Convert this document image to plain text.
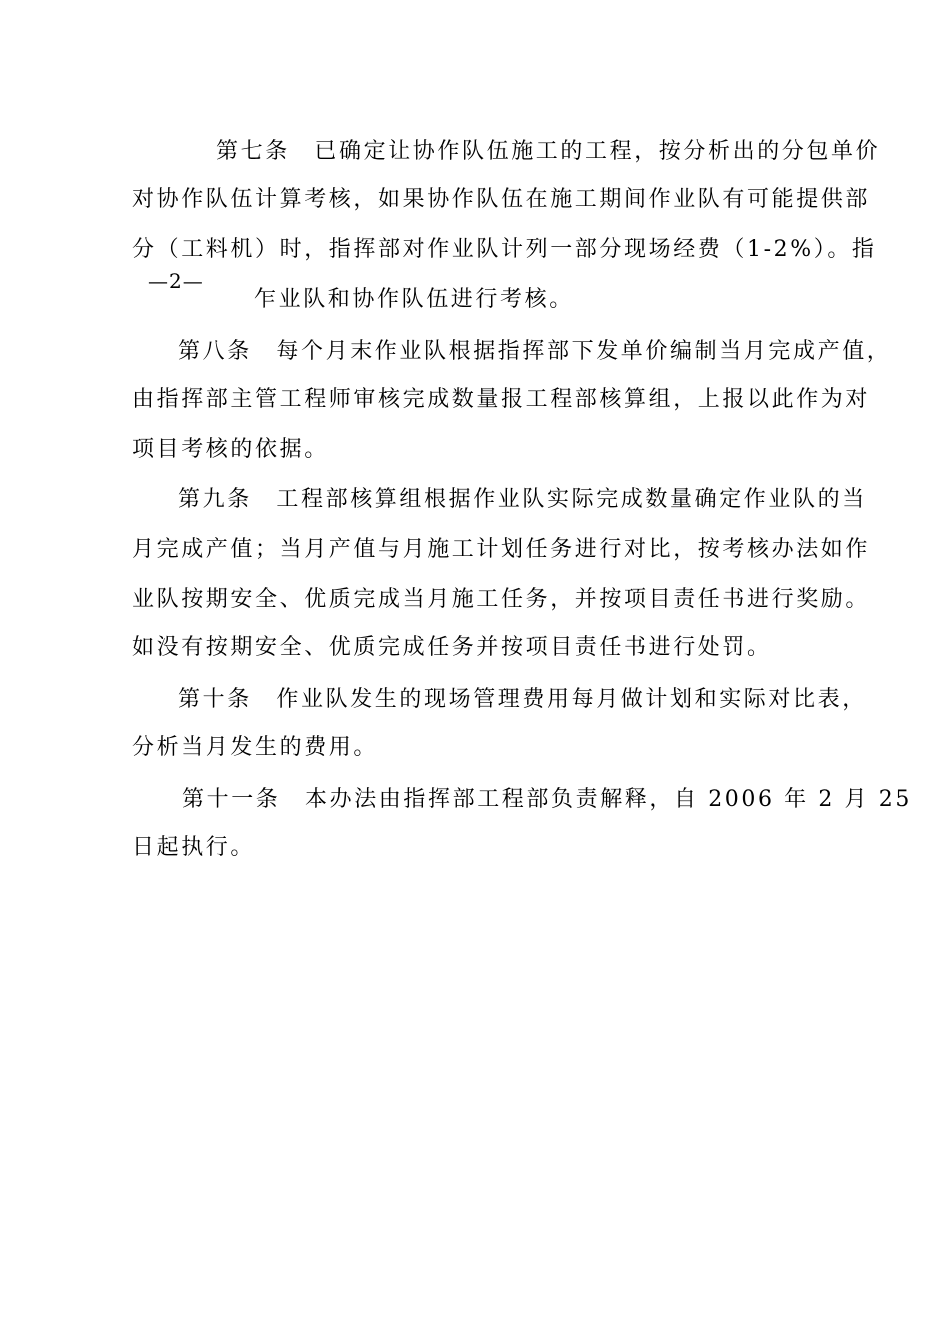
第七条　已确定让协作队伍施工的工程，按分析出的分包单价
对协作队伍计算考核，如果协作队伍在施工期间作业队有可能提供部
分（工料机）时，指挥部对作业队计列一部分现场经费（1-2%）。指
—2—
乍业队和协作队伍进行考核。
第八条　每个月末作业队根据指挥部下发单价编制当月完成产值，
由指挥部主管工程师审核完成数量报工程部核算组，上报以此作为对
项目考核的依据。
第九条　工程部核算组根据作业队实际完成数量确定作业队的当
月完成产值；当月产值与月施工计划任务进行对比，按考核办法如作
业队按期安全、优质完成当月施工任务，并按项目责任书进行奖励。
如没有按期安全、优质完成任务并按项目责任书进行处罚。
第十条　作业队发生的现场管理费用每月做计划和实际对比表，
分析当月发生的费用。
第十一条　本办法由指挥部工程部负责解释，自 2006 年 2 月 25
日起执行。
